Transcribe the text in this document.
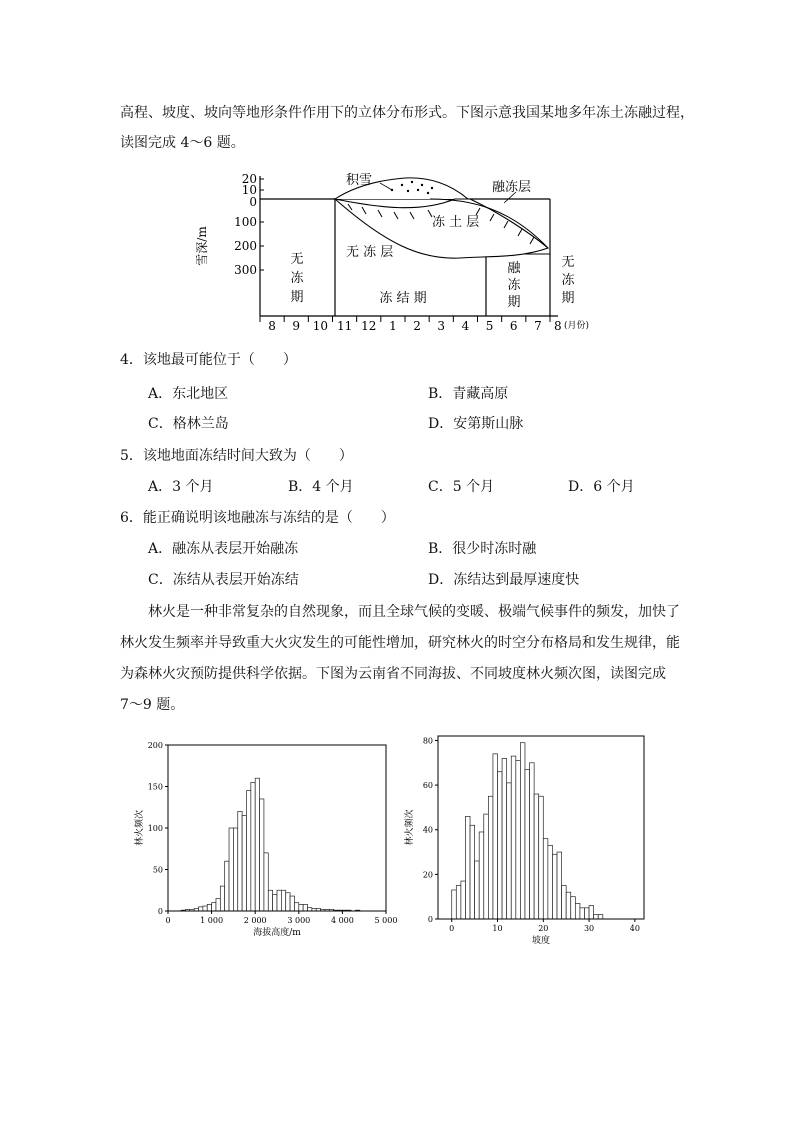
高程、坡度、坡向等地形条件作用下的立体分布形式。下图示意我国某地多年冻土冻融过程，
读图完成 4～6 题。
雪深/m
20
10
0
100
200
300
积雪	融冻层
冻 土 层
无 冻 层
无
冻
期	冻 结 期
融
冻
期
无
冻
期
8 9 10 11 12 1 2 3 4 5 6 7 8 (月份)
4．该地最可能位于（　　）
A．东北地区	B．青藏高原
C．格林兰岛	D．安第斯山脉
5．该地地面冻结时间大致为（　　）
A．3 个月	B．4 个月	C．5 个月	D．6 个月
6．能正确说明该地融冻与冻结的是（　　）
A．融冻从表层开始融冻	B．很少时冻时融
C．冻结从表层开始冻结	D．冻结达到最厚速度快
林火是一种非常复杂的自然现象，而且全球气候的变暖、极端气候事件的频发，加快了
林火发生频率并导致重大火灾发生的可能性增加，研究林火的时空分布格局和发生规律，能
为森林火灾预防提供科学依据。下图为云南省不同海拔、不同坡度林火频次图，读图完成
7～9 题。
0
50
100
150
200
0	1 000	2 000	3 000	4 000	5 000
海拔高度/m
林火频次
0
20
40
60
80
0	10	20	30	40
坡度
林火频次
